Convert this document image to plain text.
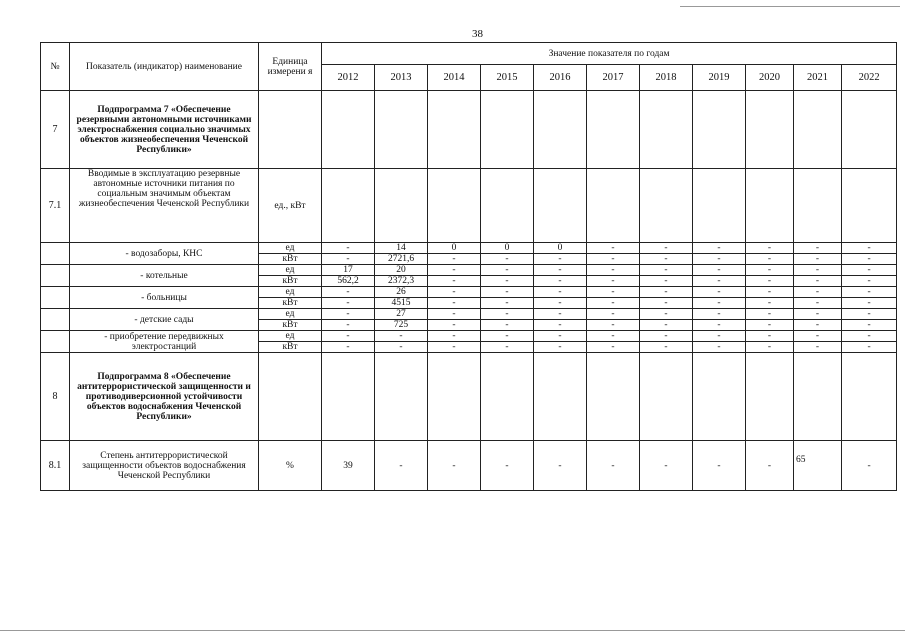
38
№	Показатель (индикатор) наименование	Единица измерени я	Значение показателя по годам										
			2012	2013	2014	2015	2016	2017	2018	2019	2020	2021	2022
7	Подпрограмма 7 «Обеспечение резервными автономными источниками электроснабжения социально значимых объектов жизнеобеспечения Чеченской Республики»												
7.1	Вводимые в эксплуатацию резервные автономные источники питания по социальным значимым объектам жизнеобеспечения Чеченской Республики	ед., кВт											
	- водозаборы, КНС	ед	-	14	0	0	0	-	-	-	-	-	-
		кВт	-	2721,6	-	-	-	-	-	-	-	-	-
	- котельные	ед	17	20	-	-	-	-	-	-	-	-	-
		кВт	562,2	2372,3	-	-	-	-	-	-	-	-	-
	- больницы	ед	-	26	-	-	-	-	-	-	-	-	-
		кВт	-	4515	-	-	-	-	-	-	-	-	-
	- детские сады	ед	-	27	-	-	-	-	-	-	-	-	-
		кВт	-	725	-	-	-	-	-	-	-	-	-
	- приобретение передвижных электростанций	ед	-	-	-	-	-	-	-	-	-	-	-
		кВт	-	-	-	-	-	-	-	-	-	-	-
8	Подпрограмма 8 «Обеспечение антитеррористической защищенности и противодиверсионной устойчивости объектов водоснабжения Чеченской Республики»												
8.1	Степень антитеррористической защищенности объектов водоснабжения Чеченской Республики	%	39	-	-	-	-	-	-	-	-	65	-
